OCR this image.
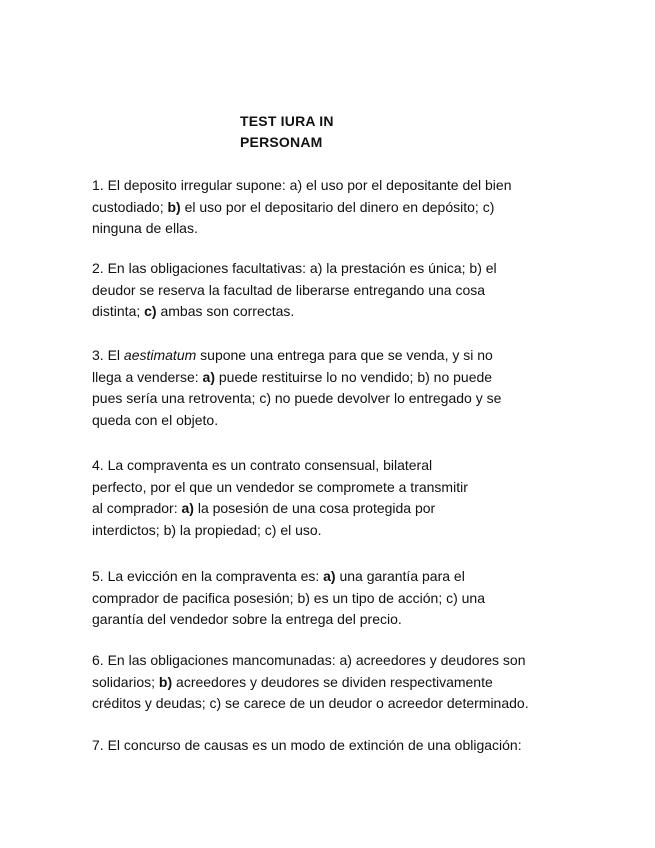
TEST IURA IN
PERSONAM
1. El deposito irregular supone: a) el uso por el depositante del bien
custodiado; b) el uso por el depositario del dinero en depósito; c)
ninguna de ellas.
2. En las obligaciones facultativas: a) la prestación es única; b) el
deudor se reserva la facultad de liberarse entregando una cosa
distinta; c) ambas son correctas.
3. El aestimatum supone una entrega para que se venda, y si no
llega a venderse: a) puede restituirse lo no vendido; b) no puede
pues sería una retroventa; c) no puede devolver lo entregado y se
queda con el objeto.
4. La compraventa es un contrato consensual, bilateral
perfecto, por el que un vendedor se compromete a transmitir
al comprador: a) la posesión de una cosa protegida por
interdictos; b) la propiedad; c) el uso.
5. La evicción en la compraventa es: a) una garantía para el
comprador de pacifica posesión; b) es un tipo de acción; c) una
garantía del vendedor sobre la entrega del precio.
6. En las obligaciones mancomunadas: a) acreedores y deudores son
solidarios; b) acreedores y deudores se dividen respectivamente
créditos y deudas; c) se carece de un deudor o acreedor determinado.
7. El concurso de causas es un modo de extinción de una obligación:
